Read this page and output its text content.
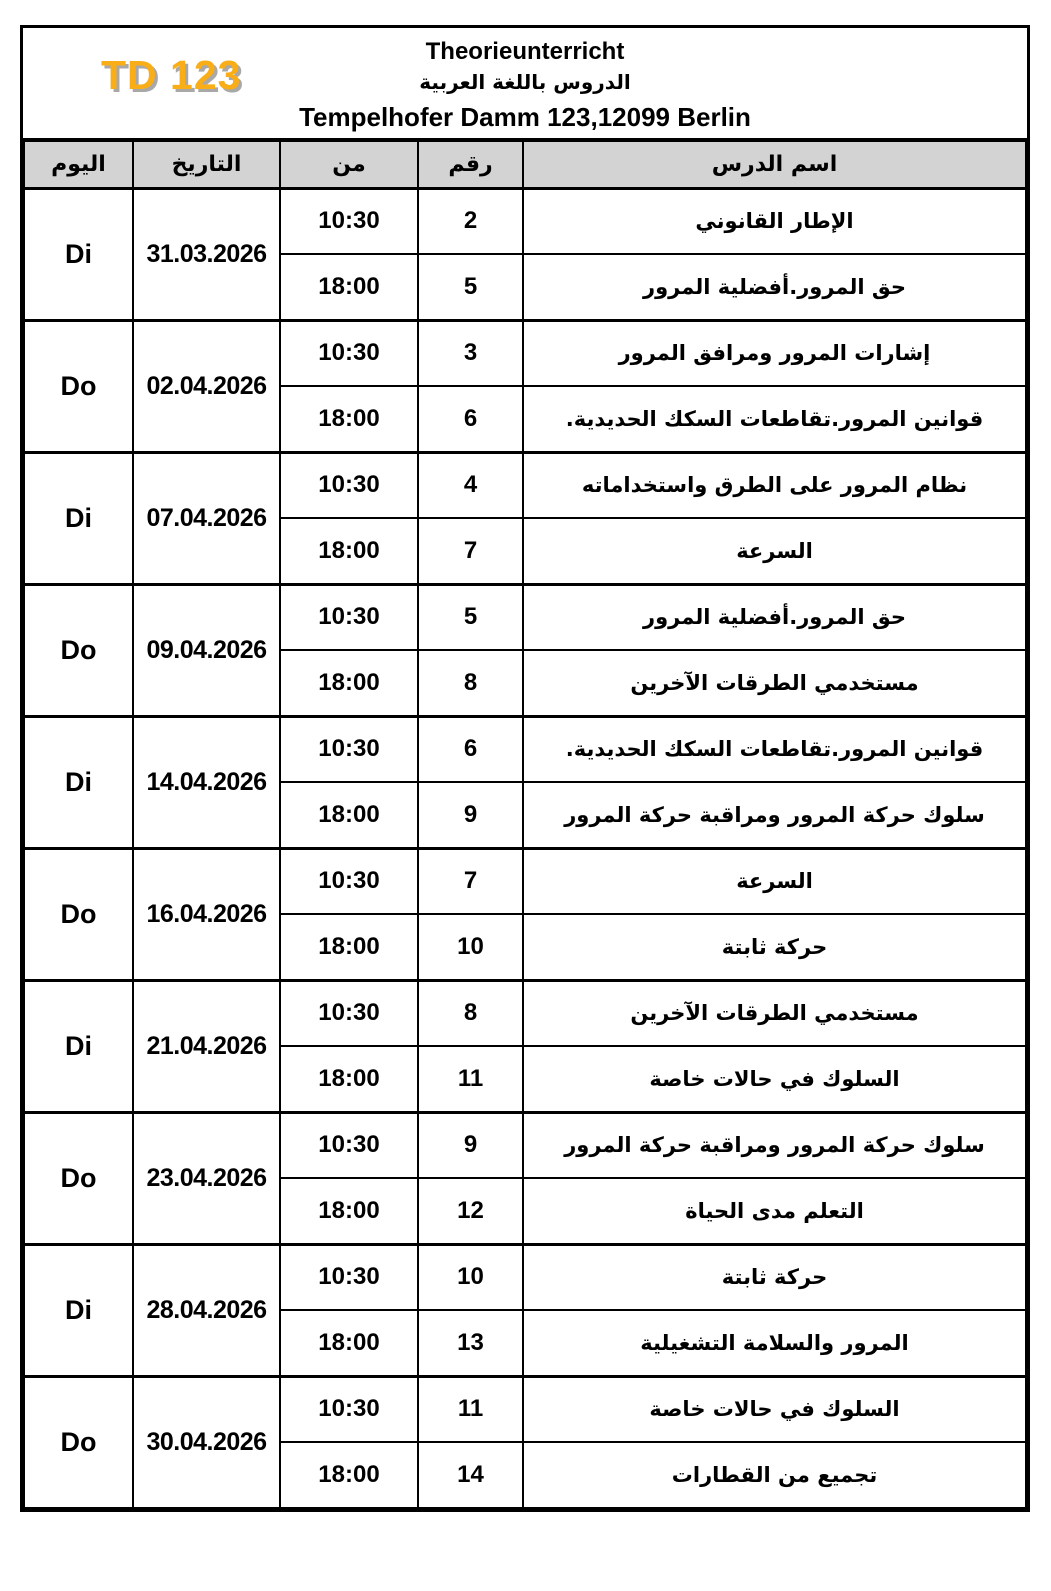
TD 123
Theorieunterricht
الدروس باللغة العربية
Tempelhofer Damm 123,12099 Berlin
اليوم	التاريخ	من	رقم	اسم الدرس
Di	31.03.2026	10:30	2	الإطار القانوني
		18:00	5	حق المرور.أفضلية المرور
Do	02.04.2026	10:30	3	إشارات المرور ومرافق المرور
		18:00	6	قوانين المرور.تقاطعات السكك الحديدية.
Di	07.04.2026	10:30	4	نظام المرور على الطرق واستخداماته
		18:00	7	السرعة
Do	09.04.2026	10:30	5	حق المرور.أفضلية المرور
		18:00	8	مستخدمي الطرقات الآخرين
Di	14.04.2026	10:30	6	قوانين المرور.تقاطعات السكك الحديدية.
		18:00	9	سلوك حركة المرور ومراقبة حركة المرور
Do	16.04.2026	10:30	7	السرعة
		18:00	10	حركة ثابتة
Di	21.04.2026	10:30	8	مستخدمي الطرقات الآخرين
		18:00	11	السلوك في حالات خاصة
Do	23.04.2026	10:30	9	سلوك حركة المرور ومراقبة حركة المرور
		18:00	12	التعلم مدى الحياة
Di	28.04.2026	10:30	10	حركة ثابتة
		18:00	13	المرور والسلامة التشغيلية
Do	30.04.2026	10:30	11	السلوك في حالات خاصة
		18:00	14	تجميع من القطارات
